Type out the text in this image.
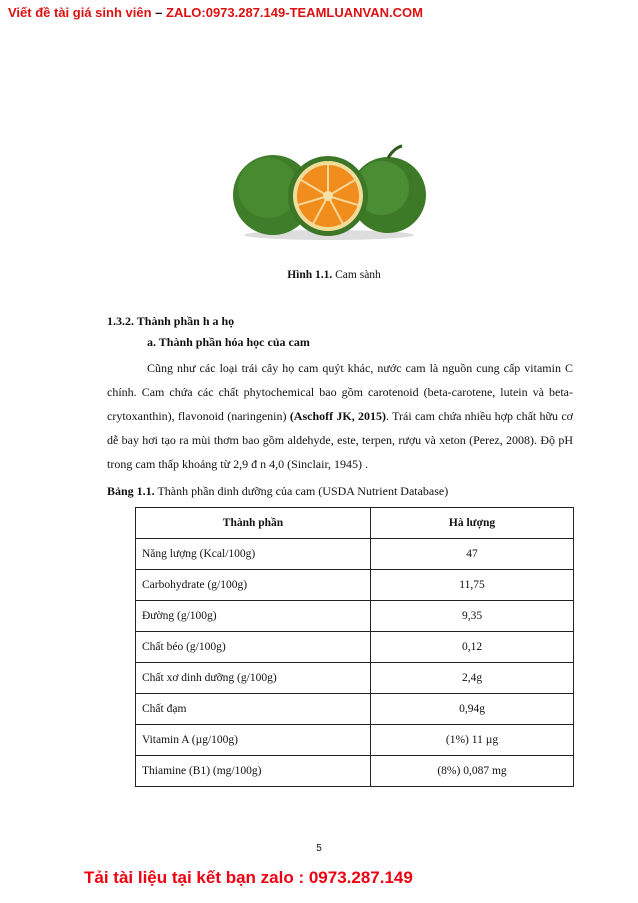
Viết đề tài giá sinh viên – ZALO:0973.287.149-TEAMLUANVAN.COM
Hình 1.1. Cam sành
1.3.2. Thành phần h a họ
a. Thành phần hóa học của cam

Cũng như các loại trái cây họ cam quýt khác, nước cam là nguồn cung cấp vitamin C chính. Cam chứa các chất phytochemical bao gồm carotenoid (beta-carotene, lutein và beta-crytoxanthin), flavonoid (naringenin) (Aschoff JK, 2015). Trái cam chứa nhiều hợp chất hữu cơ dễ bay hơi tạo ra mùi thơm bao gồm aldehyde, este, terpen, rượu và xeton (Perez, 2008). Độ pH trong cam thấp khoảng từ 2,9 đ n 4,0 (Sinclair, 1945) .

Bảng 1.1. Thành phần dinh dưỡng của cam (USDA Nutrient Database)
Thành phần	Hà lượng
Năng lượng (Kcal/100g)	47
Carbohydrate (g/100g)	11,75
Đường (g/100g)	9,35
Chất béo (g/100g)	0,12
Chất xơ dinh dưỡng (g/100g)	2,4g
Chất đạm	0,94g
Vitamin A (µg/100g)	(1%) 11 µg
Thiamine (B1) (mg/100g)	(8%) 0,087 mg
5
Tải tài liệu tại kết bạn zalo : 0973.287.149
